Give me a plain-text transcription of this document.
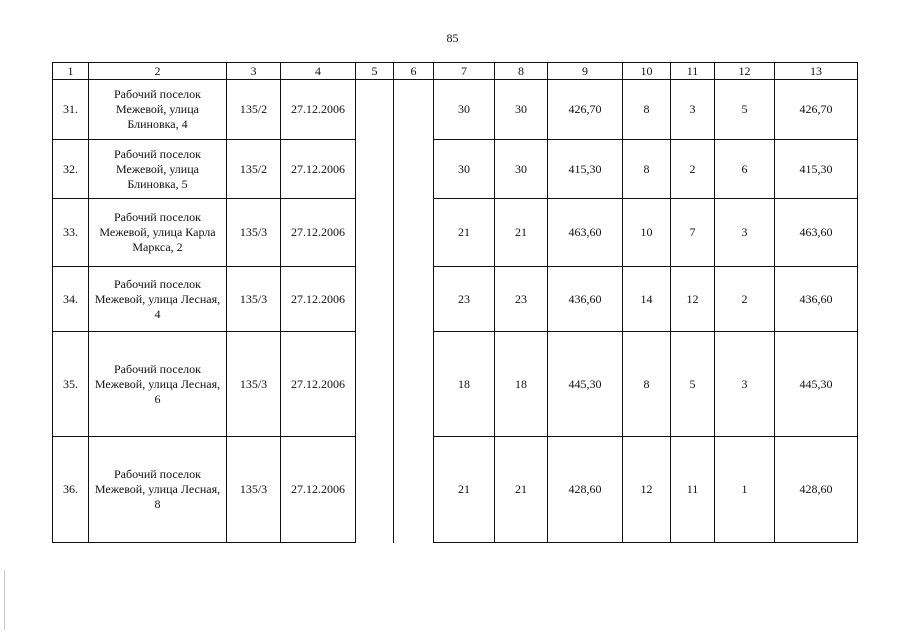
85
1	2	3	4	5	6	7	8	9	10	11	12	13
31.	Рабочий поселок
Межевой, улица
Блиновка, 4	135/2	27.12.2006			30	30	426,70	8	3	5	426,70
32.	Рабочий поселок
Межевой, улица
Блиновка, 5	135/2	27.12.2006			30	30	415,30	8	2	6	415,30
33.	Рабочий поселок
Межевой, улица Карла
Маркса, 2	135/3	27.12.2006			21	21	463,60	10	7	3	463,60
34.	Рабочий поселок
Межевой, улица Лесная,
4	135/3	27.12.2006			23	23	436,60	14	12	2	436,60
35.	Рабочий поселок
Межевой, улица Лесная,
6	135/3	27.12.2006			18	18	445,30	8	5	3	445,30
36.	Рабочий поселок
Межевой, улица Лесная,
8	135/3	27.12.2006			21	21	428,60	12	11	1	428,60
